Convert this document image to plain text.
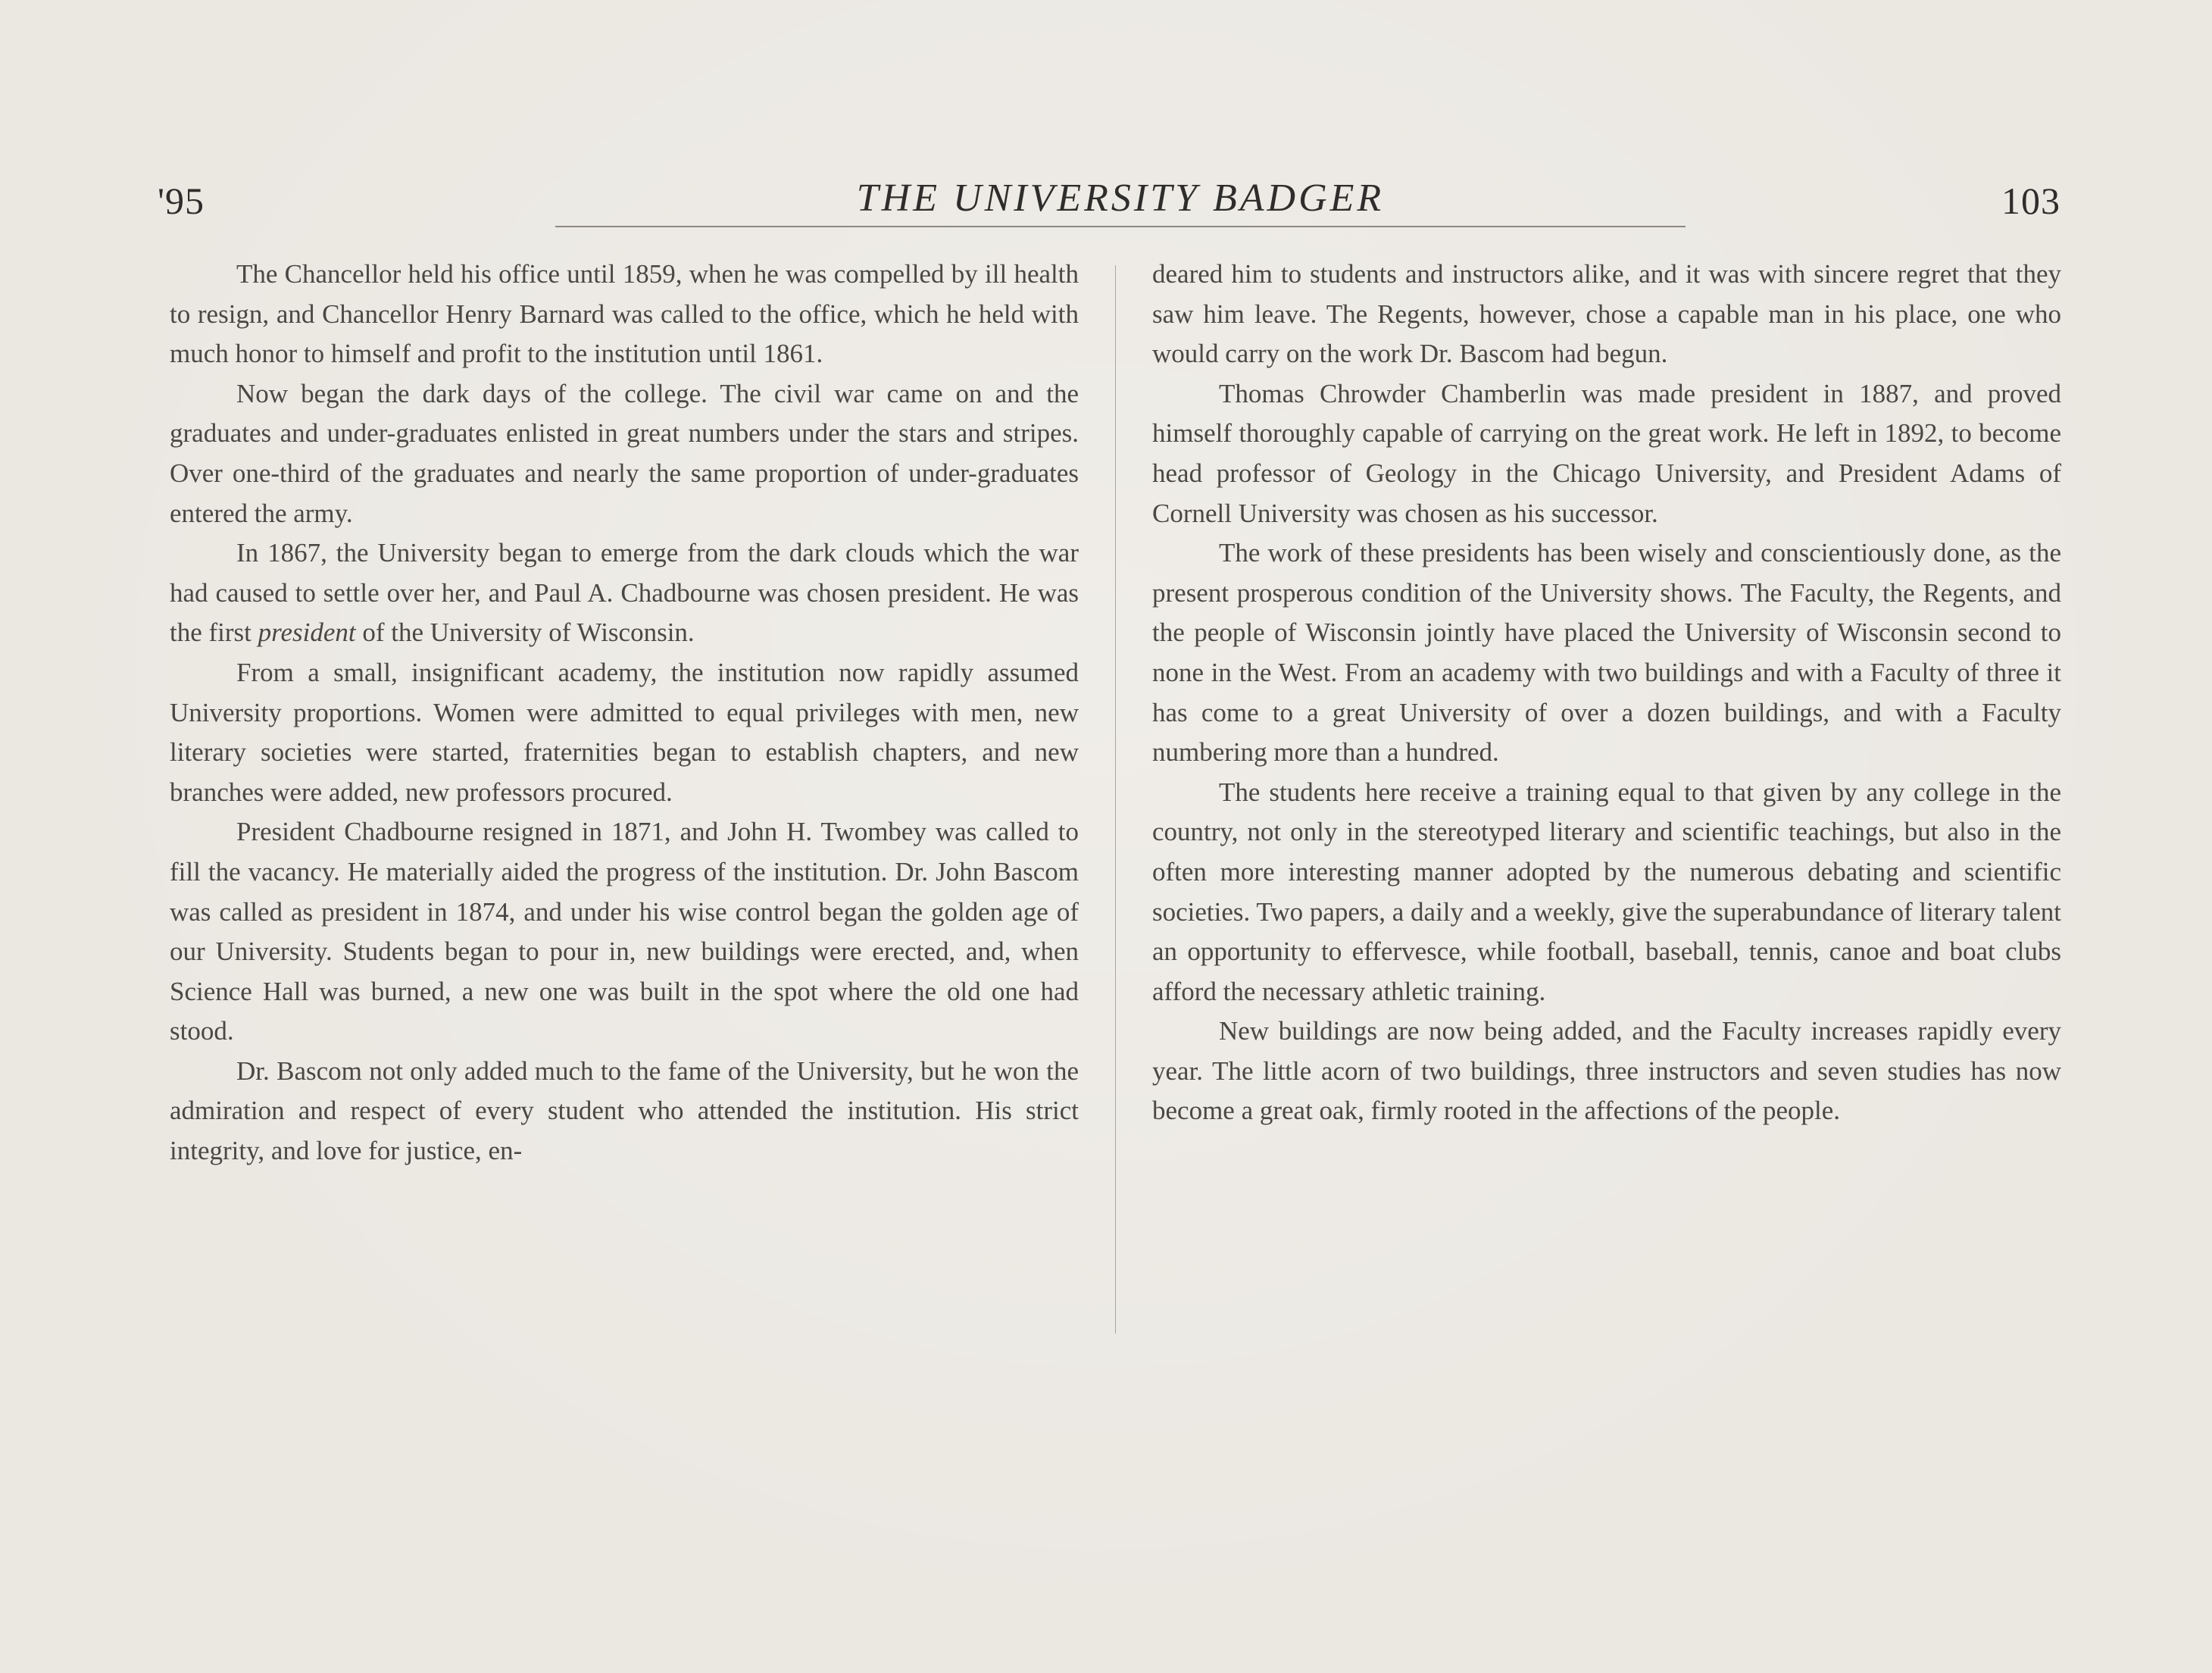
'95	THE UNIVERSITY BADGER	103

The Chancellor held his office until 1859, when he was compelled by ill health to resign, and Chancellor Henry Barnard was called to the office, which he held with much honor to himself and profit to the institution until 1861.

Now began the dark days of the college. The civil war came on and the graduates and under-graduates enlisted in great numbers under the stars and stripes. Over one-third of the graduates and nearly the same proportion of under-graduates entered the army.

In 1867, the University began to emerge from the dark clouds which the war had caused to settle over her, and Paul A. Chadbourne was chosen president. He was the first president of the University of Wisconsin.

From a small, insignificant academy, the institution now rapidly assumed University proportions. Women were admitted to equal privileges with men, new literary societies were started, fraternities began to establish chapters, and new branches were added, new professors procured.

President Chadbourne resigned in 1871, and John H. Twombey was called to fill the vacancy. He materially aided the progress of the institution. Dr. John Bascom was called as president in 1874, and under his wise control began the golden age of our University. Students began to pour in, new buildings were erected, and, when Science Hall was burned, a new one was built in the spot where the old one had stood.

Dr. Bascom not only added much to the fame of the University, but he won the admiration and respect of every student who attended the institution. His strict integrity, and love for justice, en-

deared him to students and instructors alike, and it was with sincere regret that they saw him leave. The Regents, however, chose a capable man in his place, one who would carry on the work Dr. Bascom had begun.

Thomas Chrowder Chamberlin was made president in 1887, and proved himself thoroughly capable of carrying on the great work. He left in 1892, to become head professor of Geology in the Chicago University, and President Adams of Cornell University was chosen as his successor.

The work of these presidents has been wisely and conscientiously done, as the present prosperous condition of the University shows. The Faculty, the Regents, and the people of Wisconsin jointly have placed the University of Wisconsin second to none in the West. From an academy with two buildings and with a Faculty of three it has come to a great University of over a dozen buildings, and with a Faculty numbering more than a hundred.

The students here receive a training equal to that given by any college in the country, not only in the stereotyped literary and scientific teachings, but also in the often more interesting manner adopted by the numerous debating and scientific societies. Two papers, a daily and a weekly, give the superabundance of literary talent an opportunity to effervesce, while football, baseball, tennis, canoe and boat clubs afford the necessary athletic training.

New buildings are now being added, and the Faculty increases rapidly every year. The little acorn of two buildings, three instructors and seven studies has now become a great oak, firmly rooted in the affections of the people.
